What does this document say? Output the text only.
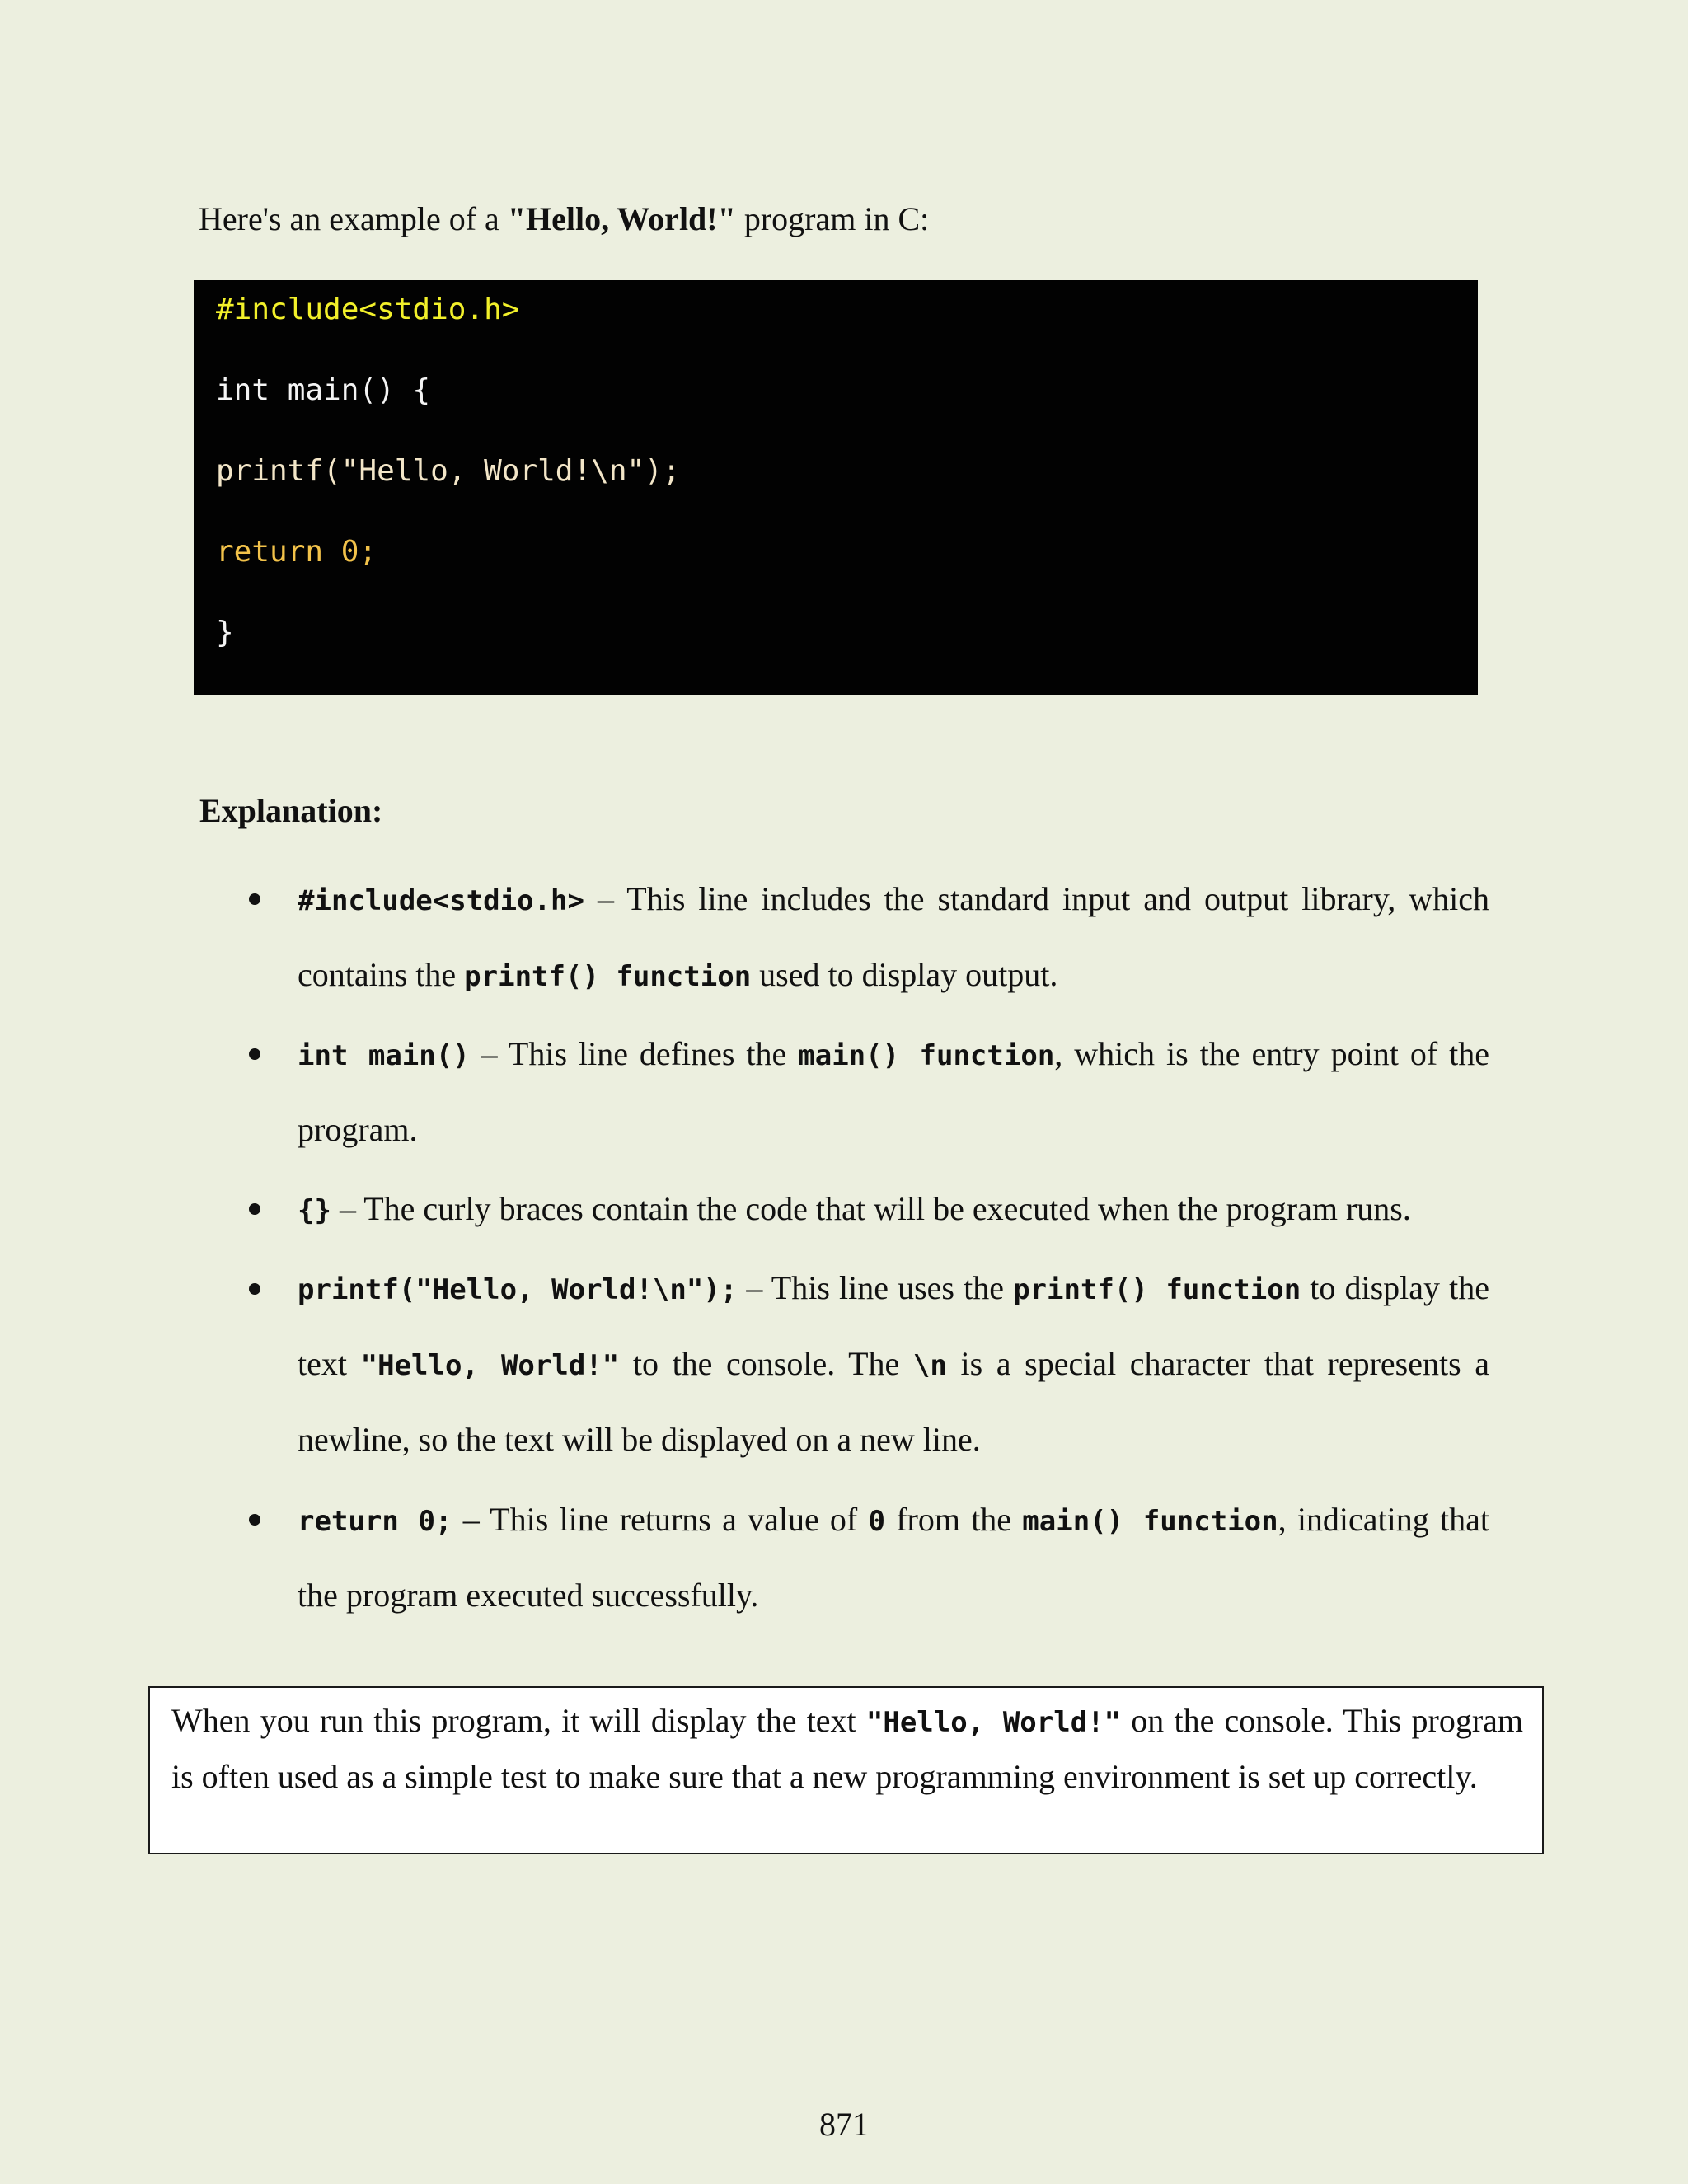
Here's an example of a "Hello, World!" program in C:
#include<stdio.h>
int main() {
printf("Hello, World!\n");
return 0;
}
Explanation:
#include<stdio.h> – This line includes the standard input and output library, which
contains the printf() function used to display output.
int main() – This line defines the main() function, which is the entry point of the
program.
{} – The curly braces contain the code that will be executed when the program runs.
printf("Hello, World!\n"); – This line uses the printf() function to display the
text "Hello, World!" to the console. The \n is a special character that represents a
newline, so the text will be displayed on a new line.
return 0; – This line returns a value of 0 from the main() function, indicating that
the program executed successfully.
When you run this program, it will display the text "Hello, World!" on the console. This program
is often used as a simple test to make sure that a new programming environment is set up correctly.
871
